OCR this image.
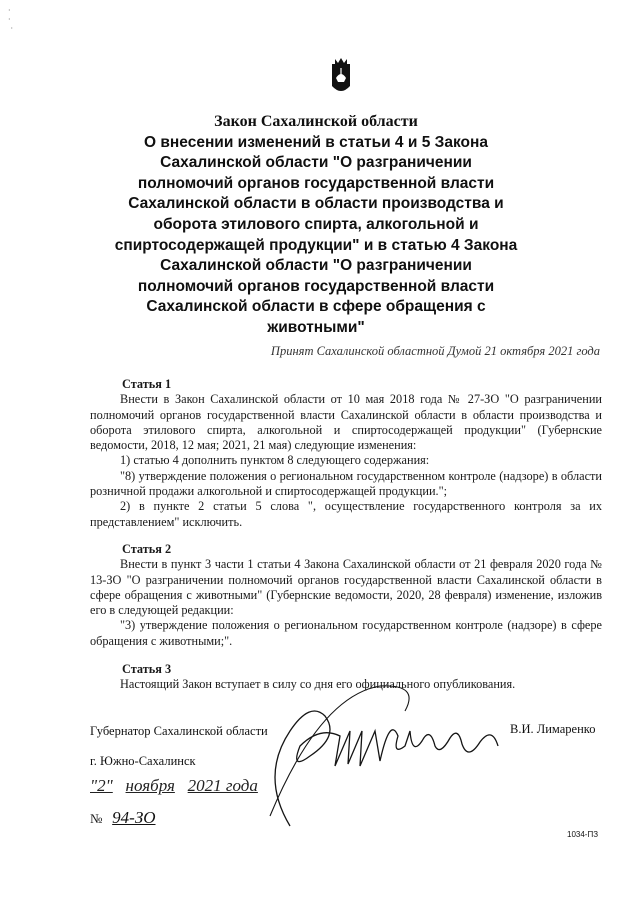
·
·
·
Закон Сахалинской области
О внесении изменений в статьи 4 и 5 Закона
Сахалинской области "О разграничении
полномочий органов государственной власти
Сахалинской области в области производства и
оборота этилового спирта, алкогольной и
спиртосодержащей продукции" и в статью 4 Закона
Сахалинской области "О разграничении
полномочий органов государственной власти
Сахалинской области в сфере обращения с
животными"
Принят Сахалинской областной Думой 21 октября 2021 года
Статья 1

Внести в Закон Сахалинской области от 10 мая 2018 года № 27-ЗО "О разграничении полномочий органов государственной власти Сахалинской области в области производства и оборота этилового спирта, алкогольной и спиртосодержащей продукции" (Губернские ведомости, 2018, 12 мая; 2021, 21 мая) следующие изменения:

1) статью 4 дополнить пунктом 8 следующего содержания:

"8) утверждение положения о региональном государственном контроле (надзоре) в области розничной продажи алкогольной и спиртосодержащей продукции.";

2) в пункте 2 статьи 5 слова ", осуществление государственного контроля за их представлением" исключить.

Статья 2

Внести в пункт 3 части 1 статьи 4 Закона Сахалинской области от 21 февраля 2020 года № 13-ЗО "О разграничении полномочий органов государственной власти Сахалинской области в сфере обращения с животными" (Губернские ведомости, 2020, 28 февраля) изменение, изложив его в следующей редакции:

"3) утверждение положения о региональном государственном контроле (надзоре) в сфере обращения с животными;".

Статья 3

Настоящий Закон вступает в силу со дня его официального опубликования.

Губернатор Сахалинской области	В.И. Лимаренко
г. Южно-Сахалинск
"2" ноября 2021 года
№ 94-ЗО
1034-ПЗ
